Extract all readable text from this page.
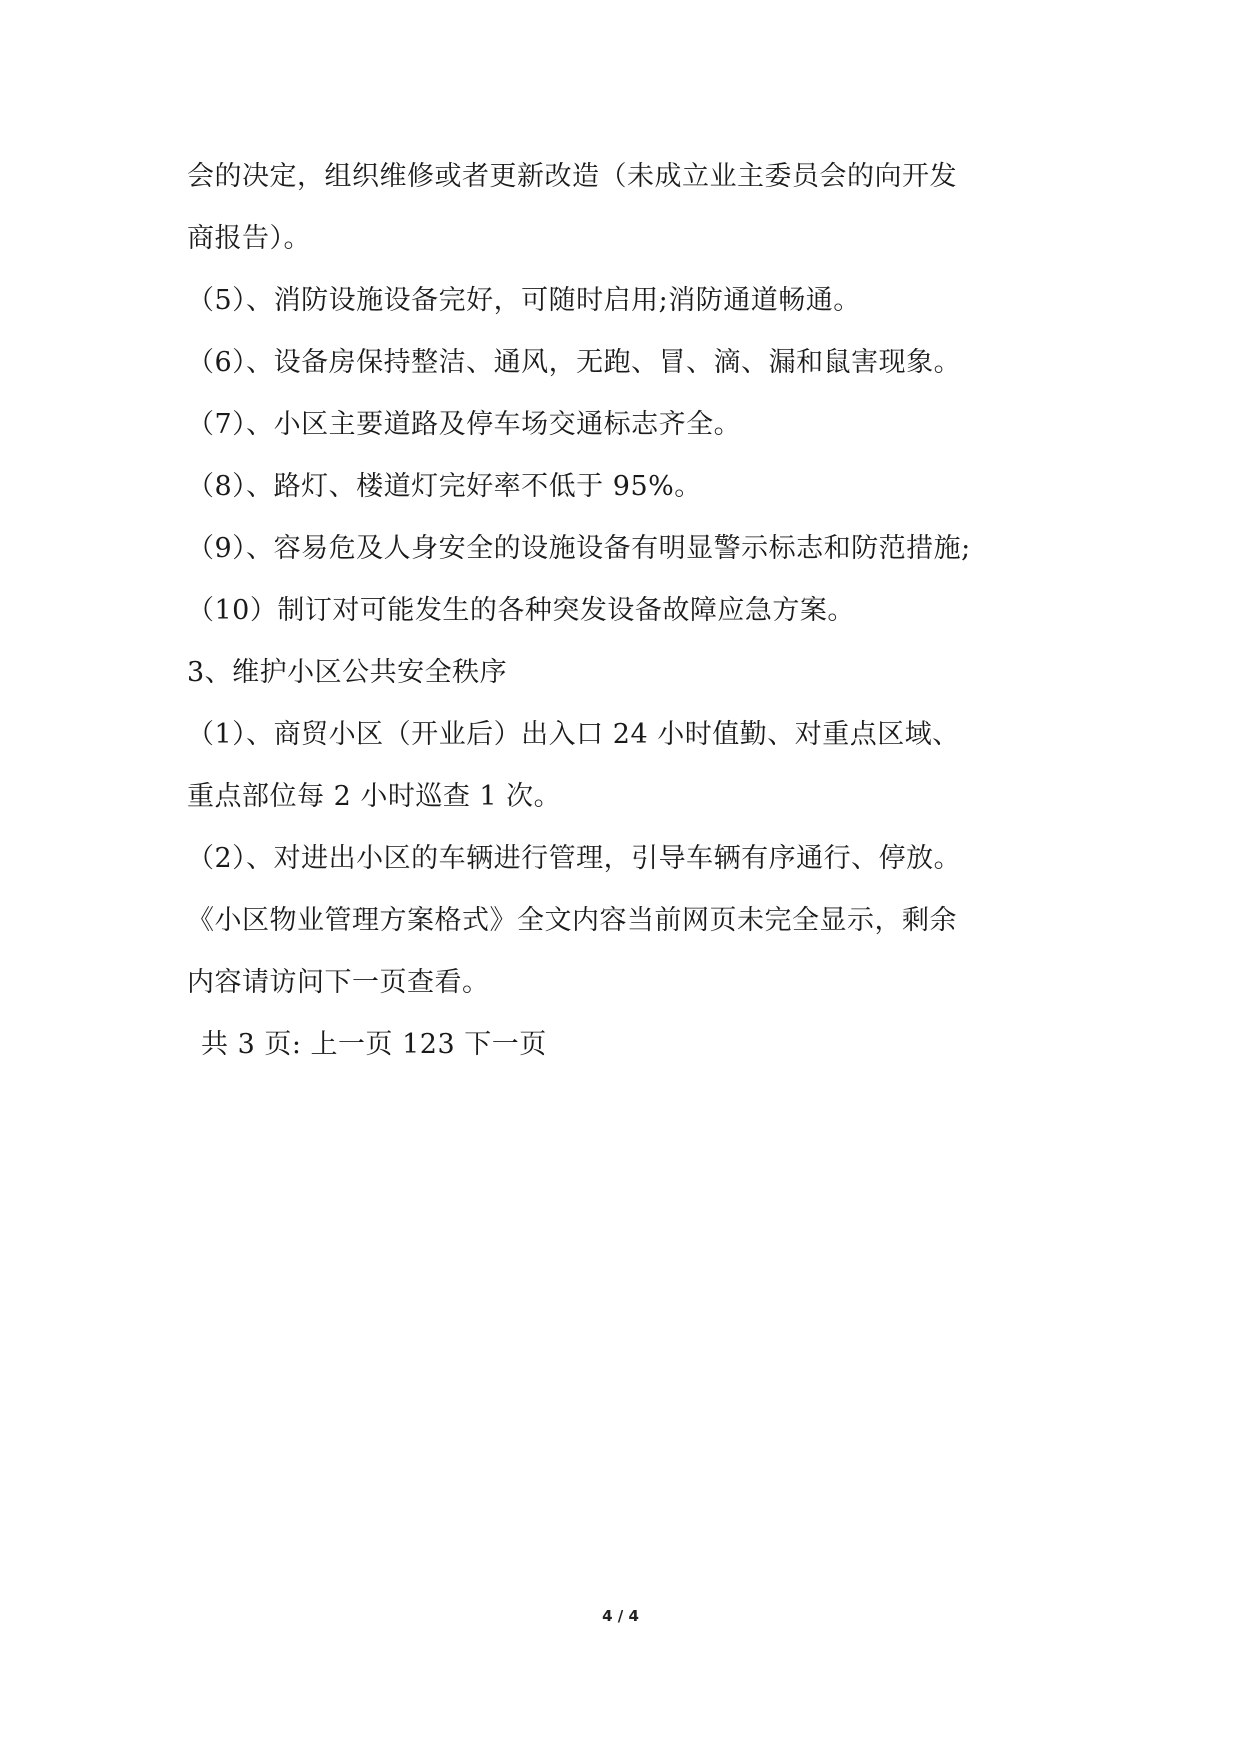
会的决定，组织维修或者更新改造（未成立业主委员会的向开发
商报告）。
（5）、消防设施设备完好，可随时启用;消防通道畅通。
（6）、设备房保持整洁、通风，无跑、冒、滴、漏和鼠害现象。
（7）、小区主要道路及停车场交通标志齐全。
（8）、路灯、楼道灯完好率不低于 95%。
（9）、容易危及人身安全的设施设备有明显警示标志和防范措施;
（10）制订对可能发生的各种突发设备故障应急方案。
3、维护小区公共安全秩序
（1）、商贸小区（开业后）出入口 24 小时值勤、对重点区域、
重点部位每 2 小时巡查 1 次。
（2）、对进出小区的车辆进行管理，引导车辆有序通行、停放。
《小区物业管理方案格式》全文内容当前网页未完全显示，剩余
内容请访问下一页查看。
共 3 页: 上一页 123 下一页
4 / 4
